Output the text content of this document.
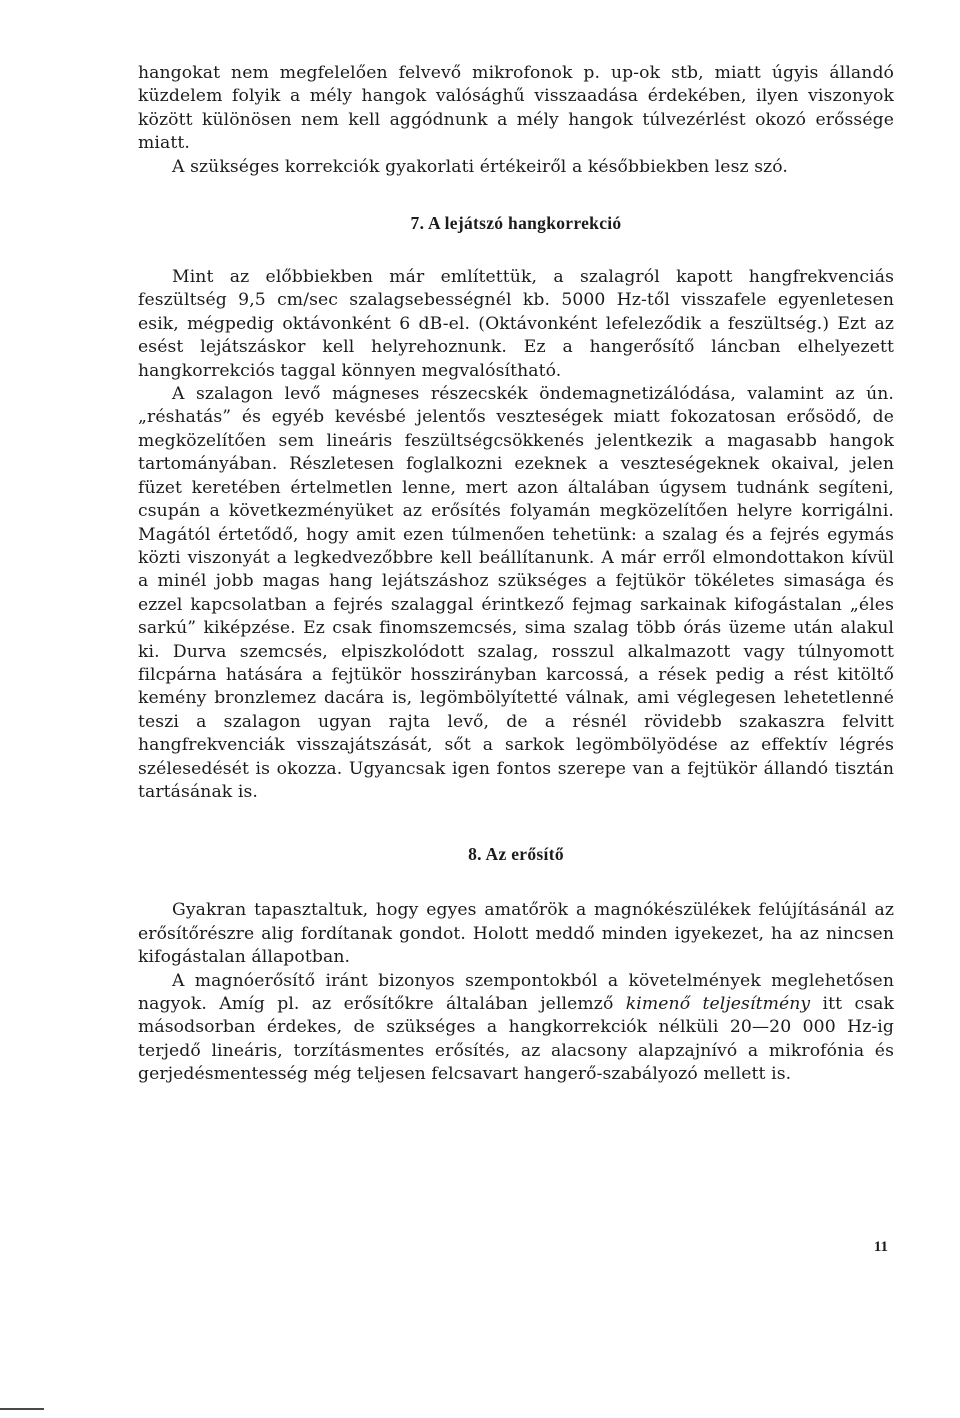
hangokat nem megfelelően felvevő mikrofonok p. up-ok stb, miatt úgyis állandó küzdelem folyik a mély hangok valósághű visszaadása érdekében, ilyen viszonyok között különösen nem kell aggódnunk a mély hangok túlvezérlést okozó erőssége miatt.

A szükséges korrekciók gyakorlati értékeiről a későbbiekben lesz szó.

7. A lejátszó hangkorrekció

Mint az előbbiekben már említettük, a szalagról kapott hangfrekvenciás feszültség 9,5 cm/sec szalagsebességnél kb. 5000 Hz-től visszafele egyenletesen esik, mégpedig oktávonként 6 dB-el. (Oktávonként lefeleződik a feszültség.) Ezt az esést lejátszáskor kell helyrehoznunk. Ez a hangerősítő láncban elhelyezett hangkorrekciós taggal könnyen megvalósítható.

A szalagon levő mágneses részecskék öndemagnetizálódása, valamint az ún. „réshatás” és egyéb kevésbé jelentős veszteségek miatt fokozatosan erősödő, de megközelítően sem lineáris feszültségcsökkenés jelentkezik a magasabb hangok tartományában. Részletesen foglalkozni ezeknek a veszteségeknek okaival, jelen füzet keretében értelmetlen lenne, mert azon általában úgysem tudnánk segíteni, csupán a következményüket az erősítés folyamán megközelítően helyre korrigálni. Magától értetődő, hogy amit ezen túlmenően tehetünk: a szalag és a fejrés egymás közti viszonyát a legkedvezőbbre kell beállítanunk. A már erről elmondottakon kívül a minél jobb magas hang lejátszáshoz szükséges a fejtükör tökéletes simasága és ezzel kapcsolatban a fejrés szalaggal érintkező fejmag sarkainak kifogástalan „éles sarkú” kiképzése. Ez csak finomszemcsés, sima szalag több órás üzeme után alakul ki. Durva szemcsés, elpiszkolódott szalag, rosszul alkalmazott vagy túlnyomott filcpárna hatására a fejtükör hosszirányban karcossá, a rések pedig a rést kitöltő kemény bronzlemez dacára is, legömbölyítetté válnak, ami véglegesen lehetetlenné teszi a szalagon ugyan rajta levő, de a résnél rövidebb szakaszra felvitt hangfrekvenciák visszajátszását, sőt a sarkok legömbölyödése az effektív légrés szélesedését is okozza. Ugyancsak igen fontos szerepe van a fejtükör állandó tisztán tartásának is.

8. Az erősítő

Gyakran tapasztaltuk, hogy egyes amatőrök a magnókészülékek felújításánál az erősítőrészre alig fordítanak gondot. Holott meddő minden igyekezet, ha az nincsen kifogástalan állapotban.

A magnóerősítő iránt bizonyos szempontokból a követelmények meglehetősen nagyok. Amíg pl. az erősítőkre általában jellemző kimenő teljesítmény itt csak másodsorban érdekes, de szükséges a hangkorrekciók nélküli 20—20 000 Hz-ig terjedő lineáris, torzításmentes erősítés, az alacsony alapzajnívó a mikrofónia és gerjedésmentesség még teljesen felcsavart hangerő-szabályozó mellett is.

11
